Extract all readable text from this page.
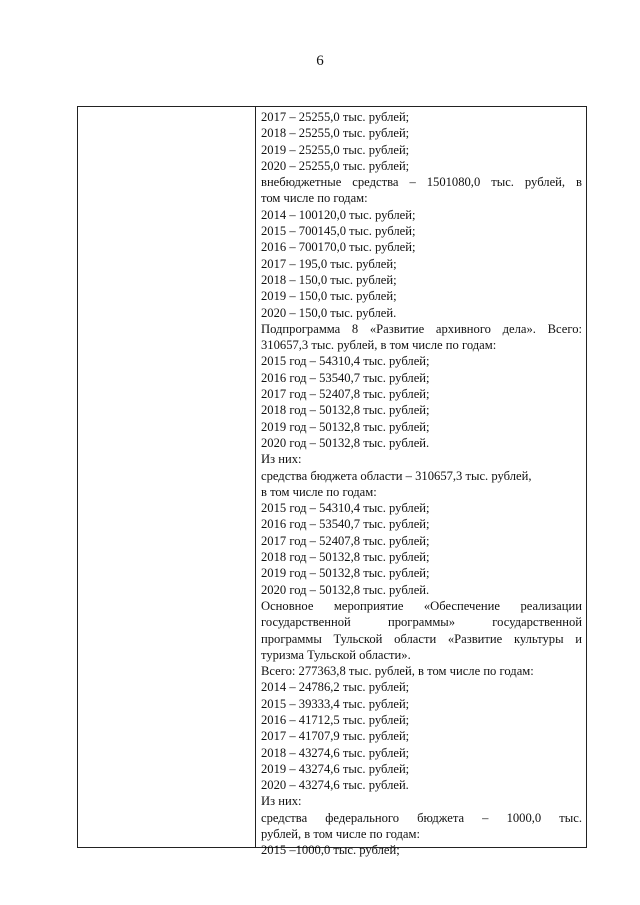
6
2017 – 25255,0 тыс. рублей;
2018 – 25255,0 тыс. рублей;
2019 – 25255,0 тыс. рублей;
2020 – 25255,0 тыс. рублей;
внебюджетные средства – 1501080,0 тыс. рублей, в
том числе по годам:
2014 – 100120,0 тыс. рублей;
2015 – 700145,0 тыс. рублей;
2016 – 700170,0 тыс. рублей;
2017 – 195,0 тыс. рублей;
2018 – 150,0 тыс. рублей;
2019 – 150,0 тыс. рублей;
2020 – 150,0 тыс. рублей.
Подпрограмма 8 «Развитие архивного дела». Всего:
310657,3 тыс. рублей, в том числе по годам:
2015 год – 54310,4 тыс. рублей;
2016 год – 53540,7 тыс. рублей;
2017 год – 52407,8 тыс. рублей;
2018 год – 50132,8 тыс. рублей;
2019 год – 50132,8 тыс. рублей;
2020 год – 50132,8 тыс. рублей.
Из них:
средства бюджета области – 310657,3 тыс. рублей,
в том числе по годам:
2015 год – 54310,4 тыс. рублей;
2016 год – 53540,7 тыс. рублей;
2017 год – 52407,8 тыс. рублей;
2018 год – 50132,8 тыс. рублей;
2019 год – 50132,8 тыс. рублей;
2020 год – 50132,8 тыс. рублей.
Основное мероприятие «Обеспечение реализации
государственной программы» государственной
программы Тульской области «Развитие культуры и
туризма Тульской области».
Всего: 277363,8 тыс. рублей, в том числе по годам:
2014 – 24786,2 тыс. рублей;
2015 – 39333,4 тыс. рублей;
2016 – 41712,5 тыс. рублей;
2017 – 41707,9 тыс. рублей;
2018 – 43274,6 тыс. рублей;
2019 – 43274,6 тыс. рублей;
2020 – 43274,6 тыс. рублей.
Из них:
средства федерального бюджета – 1000,0 тыс.
рублей, в том числе по годам:
2015 –1000,0 тыс. рублей;
